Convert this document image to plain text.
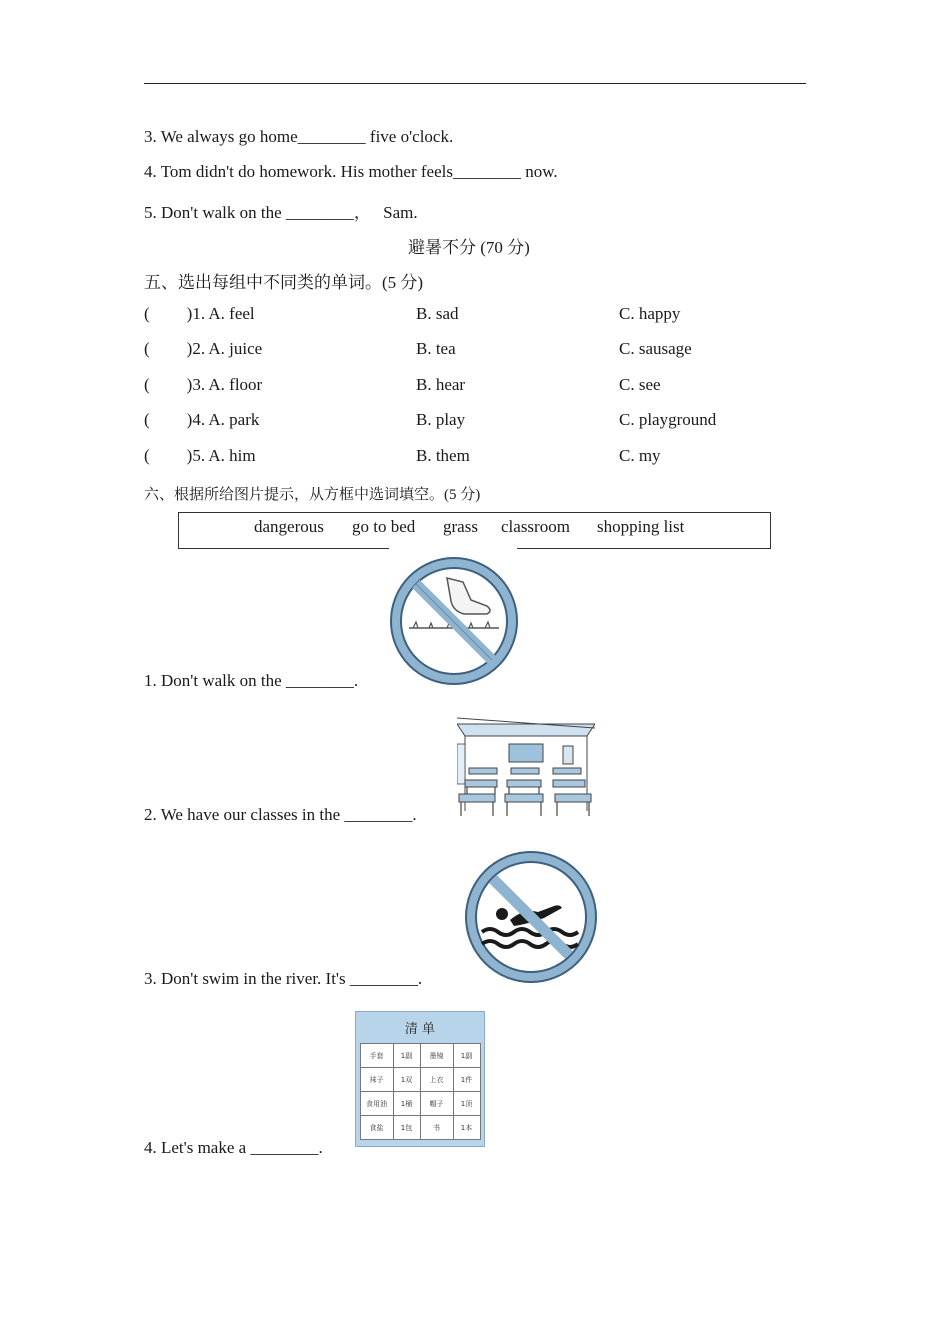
3. We always go home________ five o'clock.
4. Tom didn't do homework. His mother feels________ now.
5. Don't walk on the ________， Sam.
避暑不分 (70 分)
五、选出每组中不同类的单词。(5 分)
( )1. A. feel	B. sad	C. happy
( )2. A. juice	B. tea	C. sausage
( )3. A. floor	B. hear	C. see
( )4. A. park	B. play	C. playground
( )5. A. him	B. them	C. my
六、根据所给图片提示，从方框中选词填空。(5 分)
dangerous go to bed grass classroom shopping list
1. Don't walk on the ________.
2. We have our classes in the ________.
3. Don't swim in the river. It's ________.
清 单
手套	1副	墨镜	1副
袜子	1双	上衣	1件
食用油	1桶	帽子	1顶
食盐	1包	书	1本
4. Let's make a ________.
